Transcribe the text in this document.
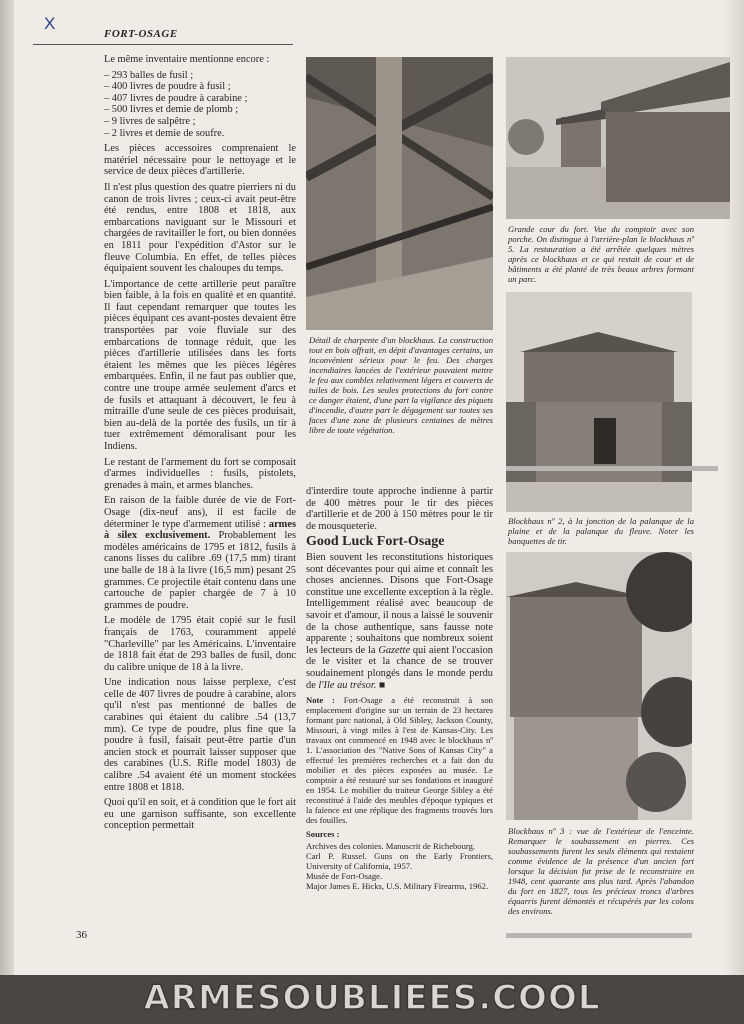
X
FORT-OSAGE

Le même inventaire mentionne encore :

– 293 balles de fusil ;
– 400 livres de poudre à fusil ;
– 407 livres de poudre à carabine ;
– 500 livres et demie de plomb ;
– 9 livres de salpêtre ;
– 2 livres et demie de soufre.

Les pièces accessoires comprenaient le matériel nécessaire pour le nettoyage et le service de deux pièces d'artillerie.

Il n'est plus question des quatre pierriers ni du canon de trois livres ; ceux-ci avait peut-être été rendus, entre 1808 et 1818, aux embarcations naviguant sur le Missouri et chargées de ravitailler le fort, ou bien données en 1811 pour l'expédition d'Astor sur le fleuve Columbia. En effet, de telles pièces équipaient souvent les chaloupes du temps.

L'importance de cette artillerie peut paraître bien faible, à la fois en qualité et en quantité. Il faut cependant remarquer que toutes les pièces équipant ces avant-postes devaient être transportées par voie fluviale sur des embarcations de tonnage réduit, que les pièces d'artillerie utilisées dans les forts étaient les mêmes que les pièces légères embarquées. Enfin, il ne faut pas oublier que, contre une troupe armée seulement d'arcs et de fusils et attaquant à découvert, le feu à mitraille d'une seule de ces pièces produisait, bien au-delà de la portée des fusils, un tir à tuer extrêmement démoralisant pour les Indiens.

Le restant de l'armement du fort se composait d'armes individuelles : fusils, pistolets, grenades à main, et armes blanches.

En raison de la faible durée de vie de Fort-Osage (dix-neuf ans), il est facile de déterminer le type d'armement utilisé : armes à silex exclusivement. Probablement les modèles américains de 1795 et 1812, fusils à canons lisses du calibre .69 (17,5 mm) tirant une balle de 18 à la livre (16,5 mm) pesant 25 grammes. Ce projectile était contenu dans une cartouche de papier chargée de 7 à 10 grammes de poudre.

Le modèle de 1795 était copié sur le fusil français de 1763, couramment appelé "Charleville" par les Américains. L'inventaire de 1818 fait état de 293 balles de fusil, donc du calibre unique de 18 à la livre.

Une indication nous laisse perplexe, c'est celle de 407 livres de poudre à carabine, alors qu'il n'est pas mentionné de balles de carabines qui étaient du calibre .54 (13,7 mm). Ce type de poudre, plus fine que la poudre à fusil, faisait peut-être partie d'un ancien stock et pourrait laisser supposer que des carabines (U.S. Rifle model 1803) de calibre .54 avaient été un moment stockées entre 1808 et 1818.

Quoi qu'il en soit, et à condition que le fort ait eu une garnison suffisante, son excellente conception permettait

36
Détail de charpente d'un blockhaus. La construction tout en bois offrait, en dépit d'avantages certains, un inconvénient sérieux pour le feu. Des charges incendiaires lancées de l'extérieur pouvaient mettre le feu aux combles relativement légers et couverts de tuiles de bois. Les seules protections du fort contre ce danger étaient, d'une part la vigilance des piquets d'incendie, d'autre part le dégagement sur toutes ses faces d'une zone de plusieurs centaines de mètres libre de toute végétation.
Grande cour du fort. Vue du comptoir avec son porche. On distingue à l'arrière-plan le blockhaus nº 5. La restauration a été arrêtée quelques mètres après ce blockhaus et ce qui restait de cour et de bâtiments a été planté de très beaux arbres formant un parc.
Blockhaus nº 2, à la jonction de la palanque de la plaine et de la palanque du fleuve. Noter les banquettes de tir.
Blockhaus nº 3 : vue de l'extérieur de l'enceinte. Remarquer le soubassement en pierres. Ces soubassements furent les seuls éléments qui restaient comme évidence de la présence d'un ancien fort lorsque la décision fut prise de le reconstruire en 1948, cent quarante ans plus tard. Après l'abandon du fort en 1827, tous les précieux troncs d'arbres équarris furent démontés et récupérés par les colons des environs.

d'interdire toute approche indienne à partir de 400 mètres pour le tir des pièces d'artillerie et de 200 à 150 mètres pour le tir de mousqueterie.

Good Luck Fort-Osage

Bien souvent les reconstitutions historiques sont décevantes pour qui aime et connaît les choses anciennes. Disons que Fort-Osage constitue une excellente exception à la règle. Intelligemment réalisé avec beaucoup de savoir et d'amour, il nous a laissé le souvenir de la chose authentique, sans fausse note apparente ; souhaitons que nombreux soient les lecteurs de la Gazette qui aient l'occasion de le visiter et la chance de se trouver soudainement plongés dans le monde perdu de l'Ile au trésor. ■

Note : Fort-Osage a été reconstruit à son emplacement d'origine sur un terrain de 23 hectares formant parc national, à Old Sibley, Jackson County, Missouri, à vingt miles à l'est de Kansas-City. Les travaux ont commencé en 1948 avec le blockhaus nº 1. L'association des "Native Sons of Kansas City" a effectué les premières recherches et a fait don du mobilier et des pièces exposées au musée. Le comptoir a été restauré sur ses fondations et inauguré en 1954. Le mobilier du traiteur George Sibley a été reconstitué à l'aide des meubles d'époque typiques et la faïence est une réplique des fragments trouvés lors des fouilles.

Sources :
Archives des colonies. Manuscrit de Richebourg.
Carl P. Russel. Guns on the Early Frontiers, University of California, 1957.
Musée de Fort-Osage.
Major James E. Hicks, U.S. Military Firearms, 1962.
ARMESOUBLIEES.COOL
